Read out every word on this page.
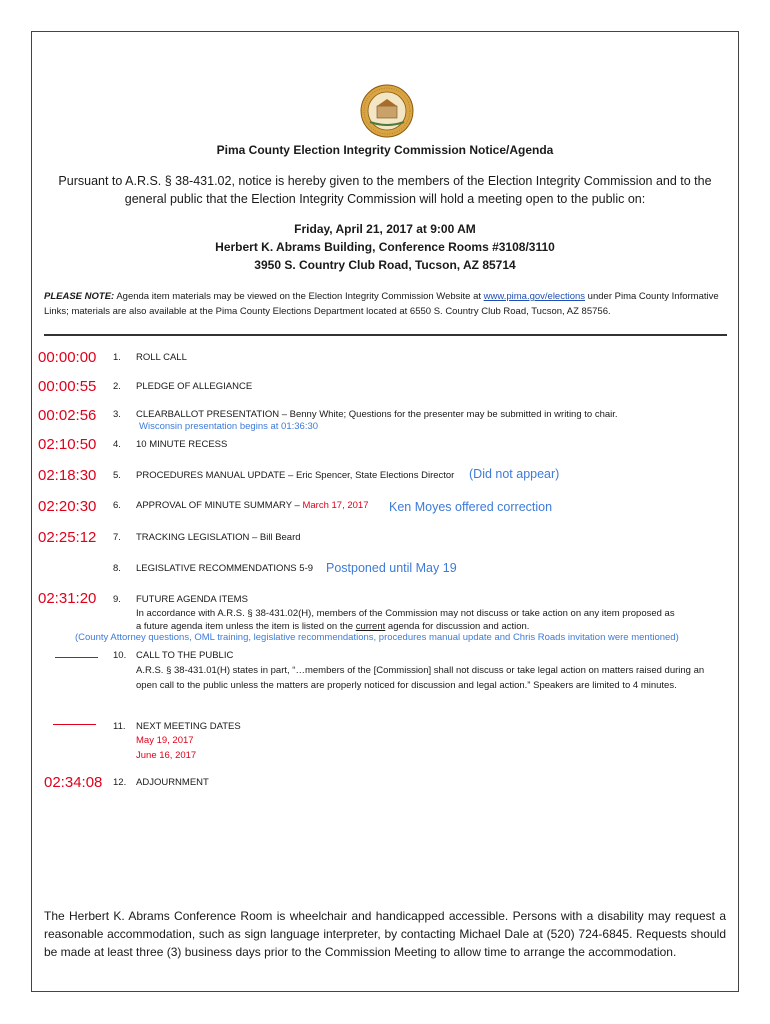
Pima County Election Integrity Commission Notice/Agenda
Pursuant to A.R.S. § 38-431.02, notice is hereby given to the members of the Election Integrity Commission and to the general public that the Election Integrity Commission will hold a meeting open to the public on:
Friday, April 21, 2017 at 9:00 AM
Herbert K. Abrams Building, Conference Rooms #3108/3110
3950 S. Country Club Road, Tucson, AZ 85714
PLEASE NOTE: Agenda item materials may be viewed on the Election Integrity Commission Website at www.pima.gov/elections under Pima County Informative Links; materials are also available at the Pima County Elections Department located at 6550 S. Country Club Road, Tucson, AZ 85756.
00:00:00 1. ROLL CALL
00:00:55 2. PLEDGE OF ALLEGIANCE
00:02:56 3. CLEARBALLOT PRESENTATION – Benny White; Questions for the presenter may be submitted in writing to chair.
Wisconsin presentation begins at 01:36:30
02:10:50 4. 10 MINUTE RECESS
02:18:30 5. PROCEDURES MANUAL UPDATE – Eric Spencer, State Elections Director (Did not appear)
02:20:30 6. APPROVAL OF MINUTE SUMMARY – March 17, 2017 Ken Moyes offered correction
02:25:12 7. TRACKING LEGISLATION – Bill Beard
8. LEGISLATIVE RECOMMENDATIONS 5-9 Postponed until May 19
02:31:20 9. FUTURE AGENDA ITEMS
In accordance with A.R.S. § 38-431.02(H), members of the Commission may not discuss or take action on any item proposed as
a future agenda item unless the item is listed on the current agenda for discussion and action.
(County Attorney questions, OML training, legislative recommendations, procedures manual update and Chris Roads invitation were mentioned)
10. CALL TO THE PUBLIC
A.R.S. § 38-431.01(H) states in part, “…members of the [Commission] shall not discuss or take legal action on matters raised during an open call to the public unless the matters are properly noticed for discussion and legal action.” Speakers are limited to 4 minutes.
11. NEXT MEETING DATES
May 19, 2017
June 16, 2017
02:34:08 12. ADJOURNMENT
The Herbert K. Abrams Conference Room is wheelchair and handicapped accessible. Persons with a disability may request a reasonable accommodation, such as sign language interpreter, by contacting Michael Dale at (520) 724-6845. Requests should be made at least three (3) business days prior to the Commission Meeting to allow time to arrange the accommodation.
